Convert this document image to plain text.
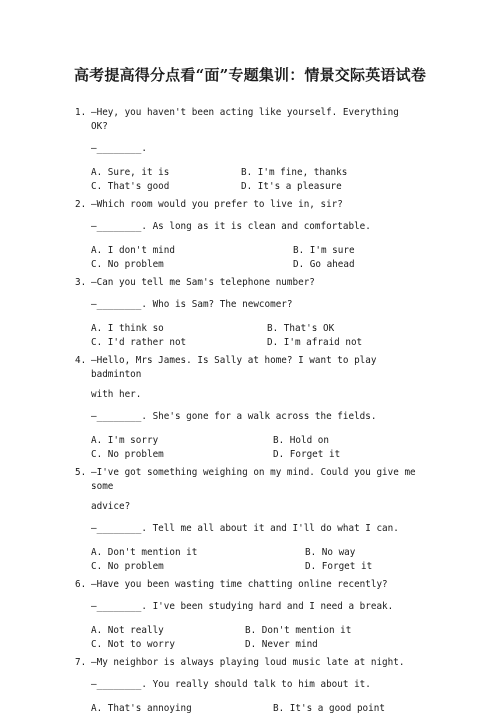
高考提高得分点看“面”专题集训：情景交际英语试卷
1. —Hey, you haven't been acting like yourself. Everything OK?
—________.
A. Sure, it is	B. I'm fine, thanks
C. That's good	D. It's a pleasure
2. —Which room would you prefer to live in, sir?
—________. As long as it is clean and comfortable.
A. I don't mind	B. I'm sure
C. No problem	D. Go ahead
3. —Can you tell me Sam's telephone number?
—________. Who is Sam? The newcomer?
A. I think so	B. That's OK
C. I'd rather not	D. I'm afraid not
4. —Hello, Mrs James. Is Sally at home? I want to play badminton
with her.
—________. She's gone for a walk across the fields.
A. I'm sorry	B. Hold on
C. No problem	D. Forget it
5. —I've got something weighing on my mind. Could you give me some
advice?
—________. Tell me all about it and I'll do what I can.
A. Don't mention it	B. No way
C. No problem	D. Forget it
6. —Have you been wasting time chatting online recently?
—________. I've been studying hard and I need a break.
A. Not really	B. Don't mention it
C. Not to worry	D. Never mind
7. —My neighbor is always playing loud music late at night.
—________. You really should talk to him about it.
A. That's annoying	B. It's a good point
